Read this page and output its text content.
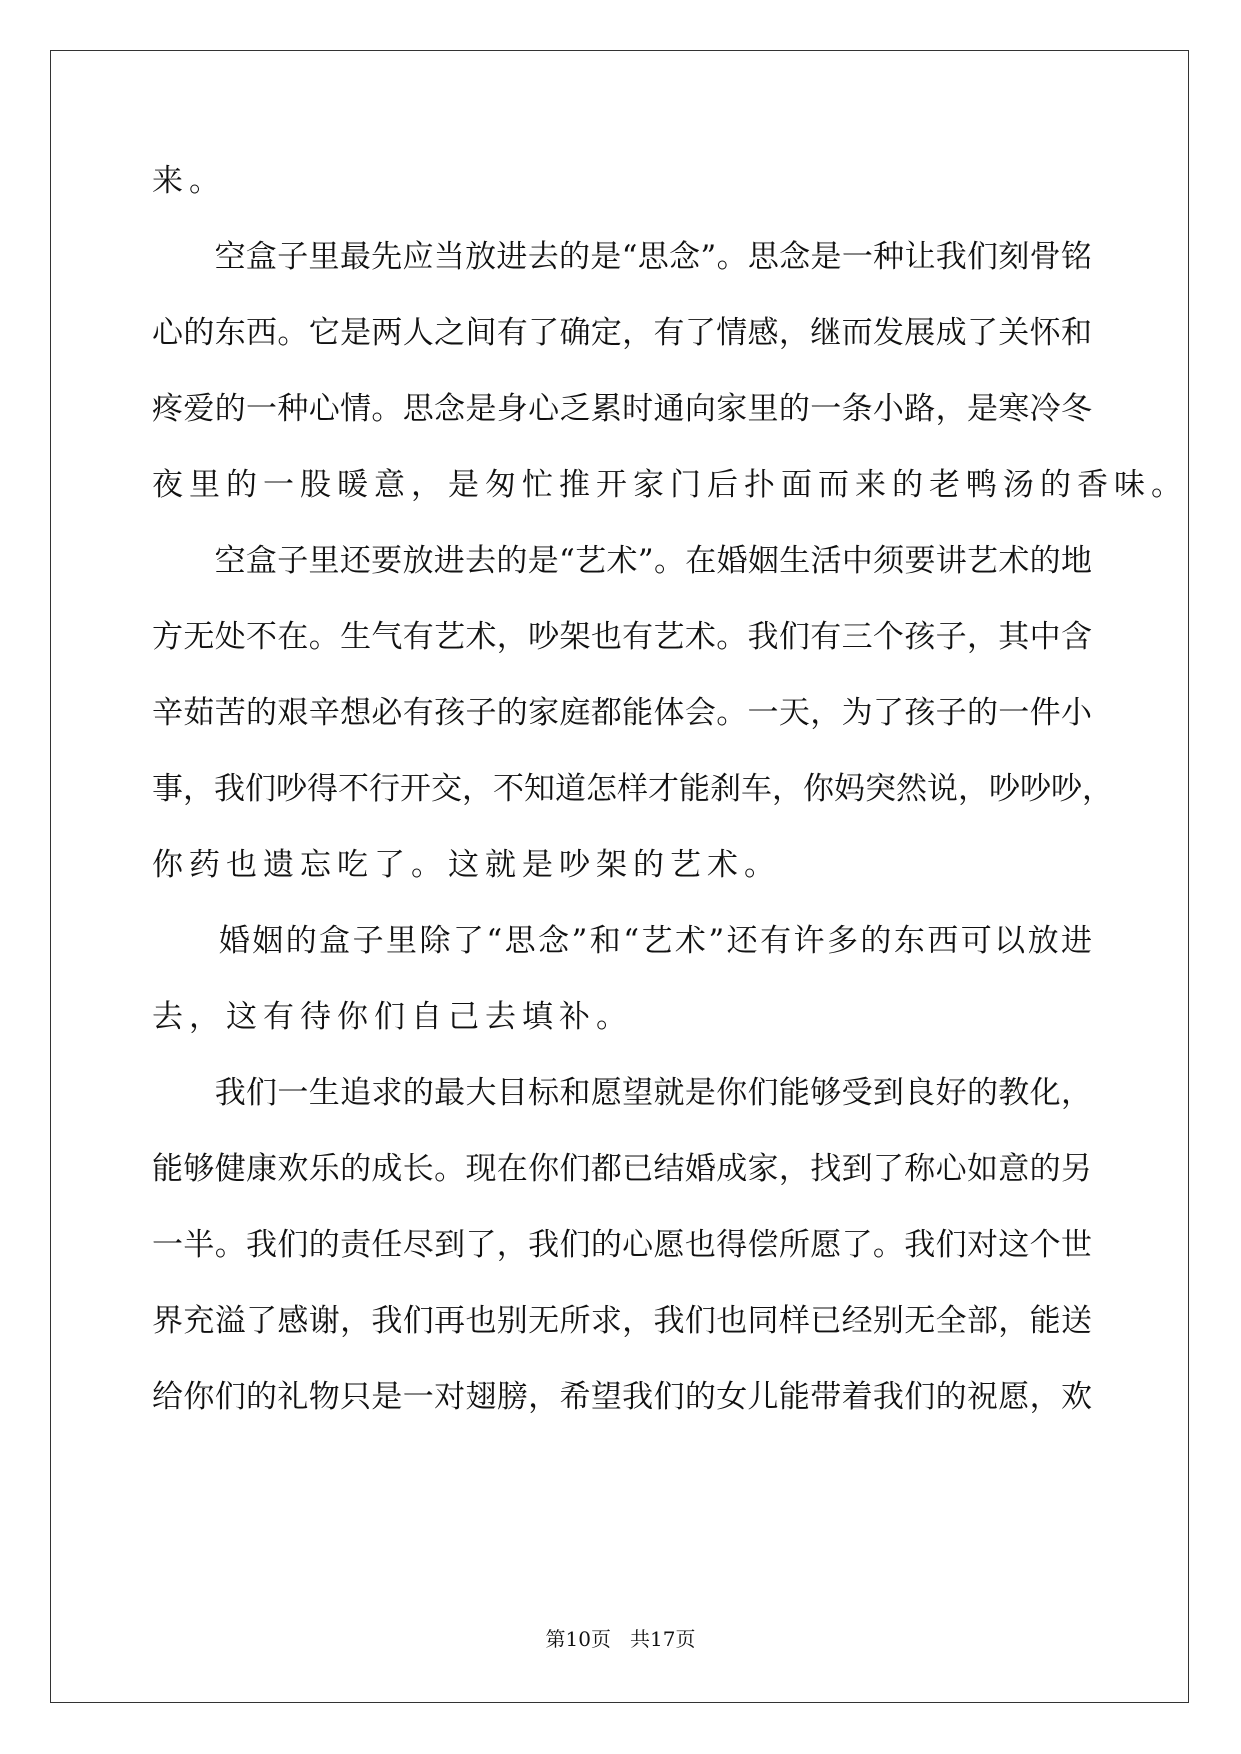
来。
　　空盒子里最先应当放进去的是“思念”。思念是一种让我们刻骨铭
心的东西。它是两人之间有了确定，有了情感，继而发展成了关怀和
疼爱的一种心情。思念是身心乏累时通向家里的一条小路，是寒冷冬
夜里的一股暖意，是匆忙推开家门后扑面而来的老鸭汤的香味。
　　空盒子里还要放进去的是“艺术”。在婚姻生活中须要讲艺术的地
方无处不在。生气有艺术，吵架也有艺术。我们有三个孩子，其中含
辛茹苦的艰辛想必有孩子的家庭都能体会。一天，为了孩子的一件小
事，我们吵得不行开交，不知道怎样才能刹车，你妈突然说，吵吵吵，
你药也遗忘吃了。这就是吵架的艺术。
　　婚姻的盒子里除了“思念”和“艺术”还有许多的东西可以放进
去，这有待你们自己去填补。
　　我们一生追求的最大目标和愿望就是你们能够受到良好的教化，
能够健康欢乐的成长。现在你们都已结婚成家，找到了称心如意的另
一半。我们的责任尽到了，我们的心愿也得偿所愿了。我们对这个世
界充溢了感谢，我们再也别无所求，我们也同样已经别无全部，能送
给你们的礼物只是一对翅膀，希望我们的女儿能带着我们的祝愿，欢
第10页 共17页
